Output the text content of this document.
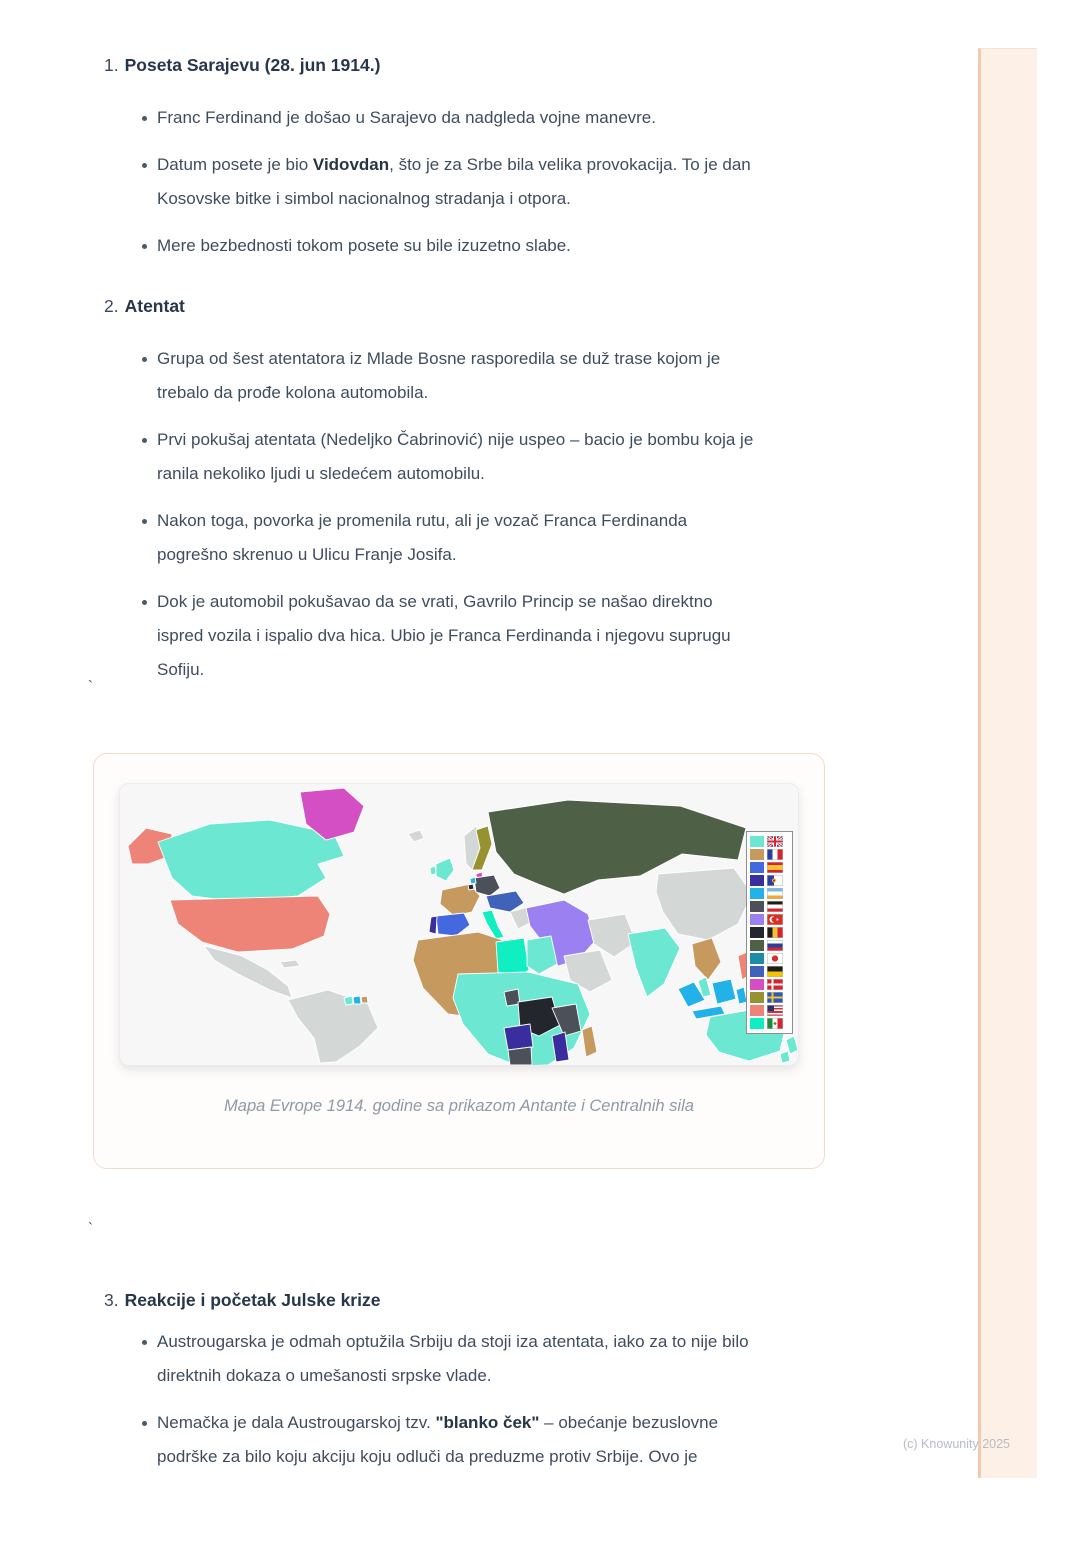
1. Poseta Sarajevu (28. jun 1914.)
Franc Ferdinand je došao u Sarajevo da nadgleda vojne manevre.
Datum posete je bio Vidovdan, što je za Srbe bila velika provokacija. To je dan Kosovske bitke i simbol nacionalnog stradanja i otpora.
Mere bezbednosti tokom posete su bile izuzetno slabe.
2. Atentat
Grupa od šest atentatora iz Mlade Bosne rasporedila se duž trase kojom je trebalo da prođe kolona automobila.
Prvi pokušaj atentata (Nedeljko Čabrinović) nije uspeo – bacio je bombu koja je ranila nekoliko ljudi u sledećem automobilu.
Nakon toga, povorka je promenila rutu, ali je vozač Franca Ferdinanda pogrešno skrenuo u Ulicu Franje Josifa.
Dok je automobil pokušavao da se vrati, Gavrilo Princip se našao direktno ispred vozila i ispalio dva hica. Ubio je Franca Ferdinanda i njegovu suprugu Sofiju.
`

Mapa Evrope 1914. godine sa prikazom Antante i Centralnih sila

`
3. Reakcije i početak Julske krize
Austrougarska je odmah optužila Srbiju da stoji iza atentata, iako za to nije bilo direktnih dokaza o umešanosti srpske vlade.
Nemačka je dala Austrougarskoj tzv. "blanko ček" – obećanje bezuslovne podrške za bilo koju akciju koju odluči da preduzme protiv Srbije. Ovo je
(c) Knowunity 2025
